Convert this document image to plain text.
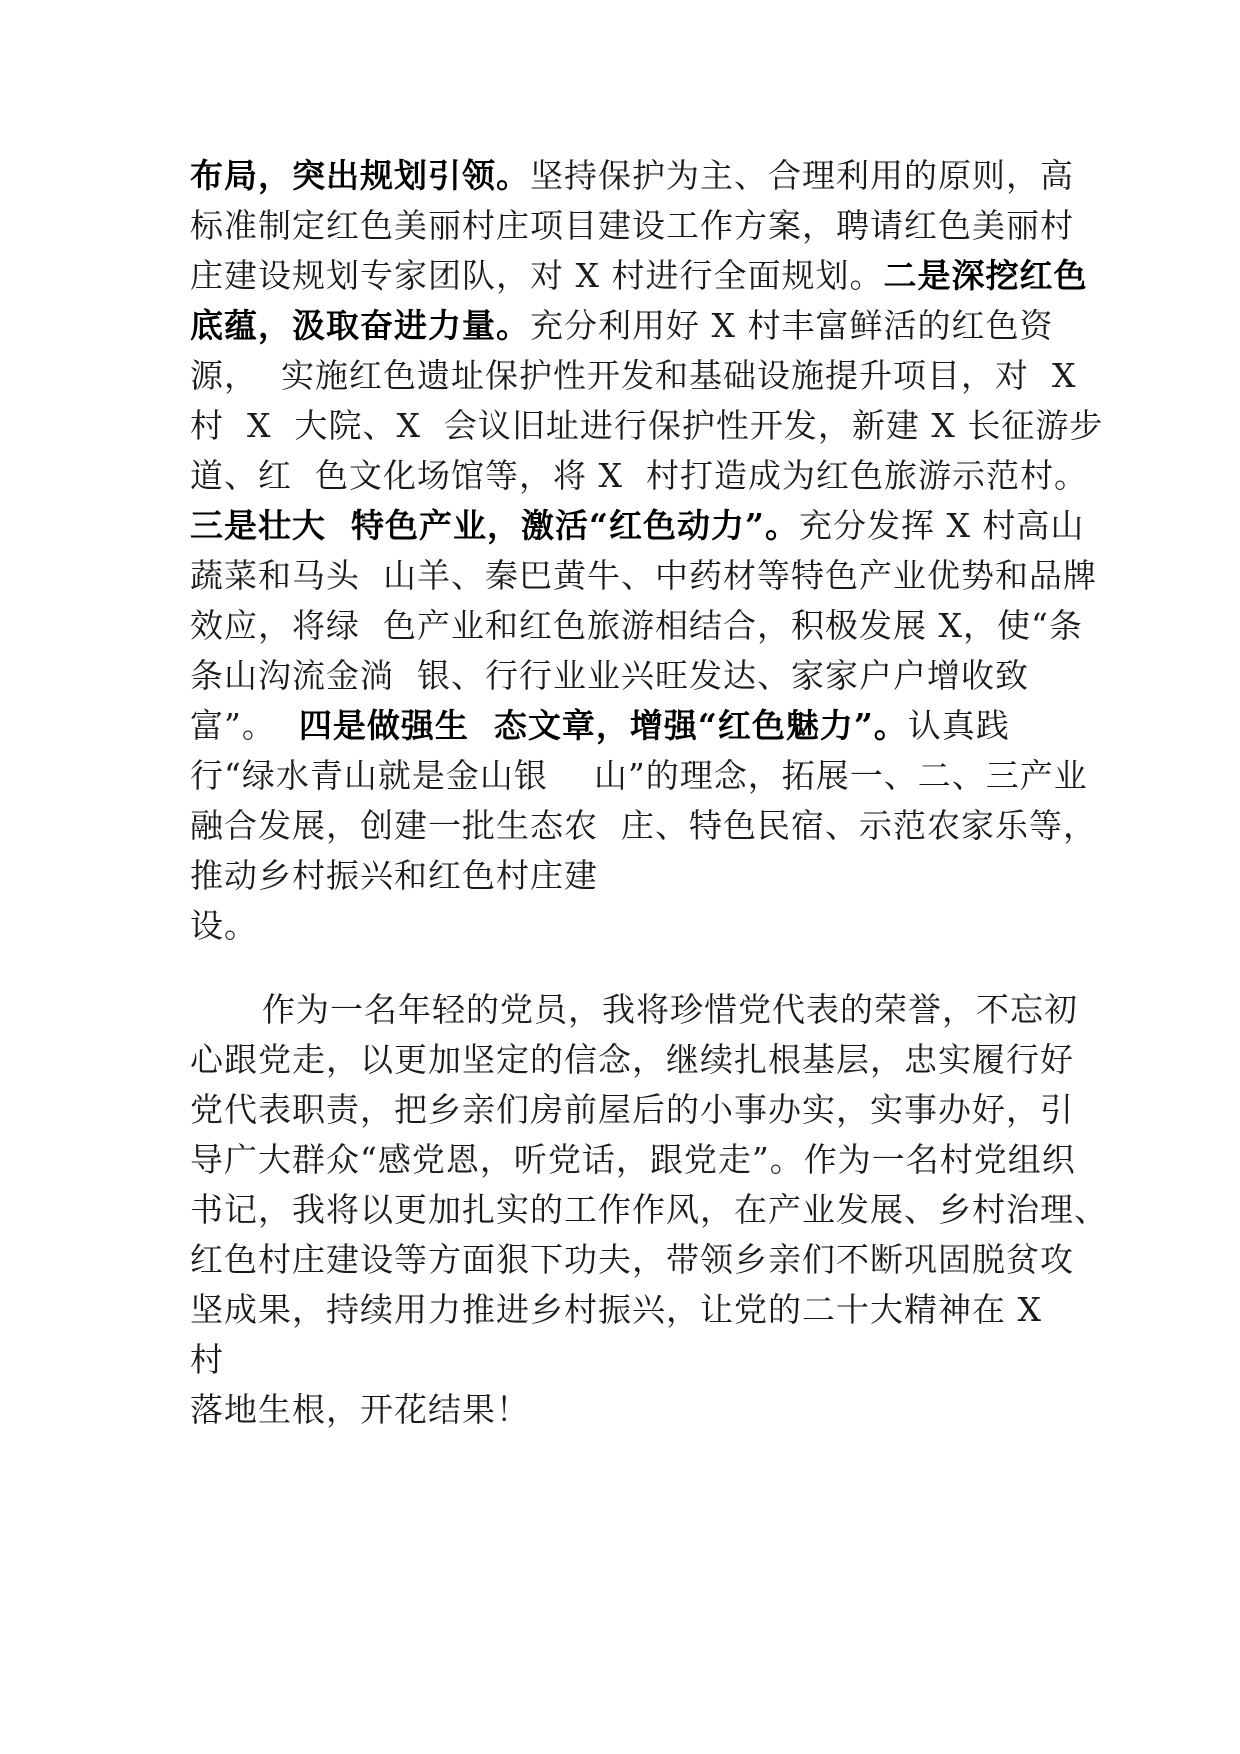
布局，突出规划引领。坚持保护为主、合理利用的原则，高
标准制定红色美丽村庄项目建设工作方案，聘请红色美丽村
庄建设规划专家团队，对 X 村进行全面规划。二是深挖红色
底蕴，汲取奋进力量。充分利用好 X 村丰富鲜活的红色资
源，  实施红色遗址保护性开发和基础设施提升项目，对  X
村  X  大院、X  会议旧址进行保护性开发，新建 X 长征游步
道、红  色文化场馆等，将 X  村打造成为红色旅游示范村。
三是壮大  特色产业，激活“红色动力”。充分发挥 X 村高山
蔬菜和马头  山羊、秦巴黄牛、中药材等特色产业优势和品牌
效应，将绿  色产业和红色旅游相结合，积极发展 X，使“条
条山沟流金淌  银、行行业业兴旺发达、家家户户增收致
富”。  四是做强生  态文章，增强“红色魅力”。认真践
行“绿水青山就是金山银    山”的理念，拓展一、二、三产业
融合发展，创建一批生态农  庄、特色民宿、示范农家乐等，
推动乡村振兴和红色村庄建
设。
作为一名年轻的党员，我将珍惜党代表的荣誉，不忘初
心跟党走，以更加坚定的信念，继续扎根基层，忠实履行好
党代表职责，把乡亲们房前屋后的小事办实，实事办好，引
导广大群众“感党恩，听党话，跟党走”。作为一名村党组织
书记，我将以更加扎实的工作作风，在产业发展、乡村治理、
红色村庄建设等方面狠下功夫，带领乡亲们不断巩固脱贫攻
坚成果，持续用力推进乡村振兴，让党的二十大精神在 X
村
落地生根，开花结果！
